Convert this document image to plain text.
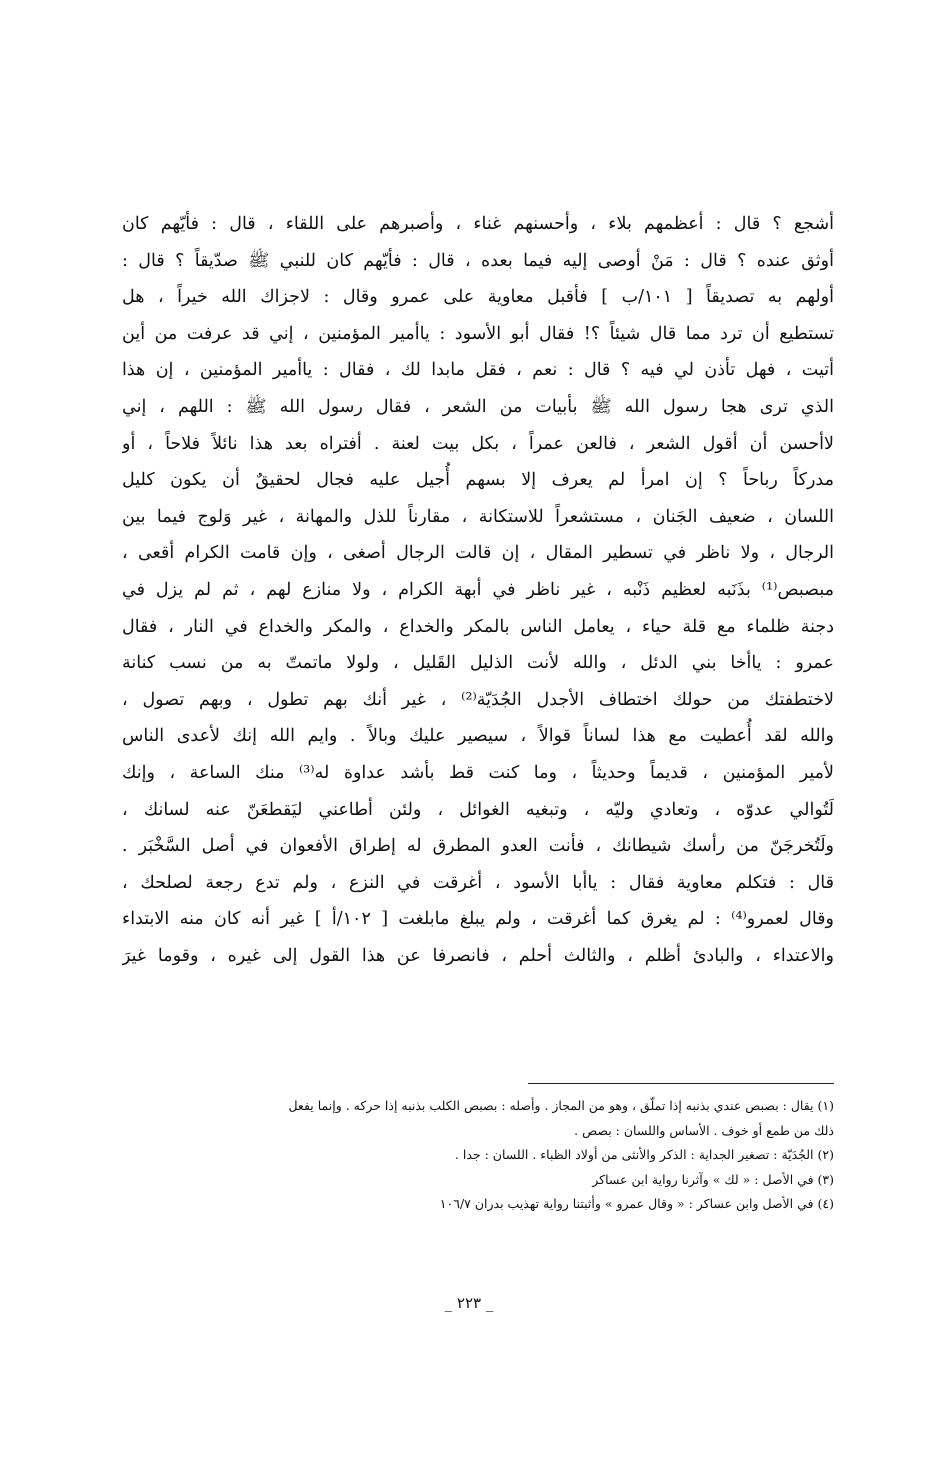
أشجع ؟ قال : أعظمهم بلاء ، وأحسنهم غناء ، وأصبرهم على اللقاء ، قال : فأيّهم كان
أوثق عنده ؟ قال : مَنْ أوصى إليه فيما بعده ، قال : فأيّهم كان للنبي ﷺ صدّيقاً ؟ قال :
أولهم به تصديقاً [ ١٠١/ب ] فأقبل معاوية على عمرو وقال : لاجزاك الله خيراً ، هل
تستطيع أن ترد مما قال شيئاً ؟! فقال أبو الأسود : ياأمير المؤمنين ، إني قد عرفت من أين
أتيت ، فهل تأذن لي فيه ؟ قال : نعم ، فقل مابدا لك ، فقال : ياأمير المؤمنين ، إن هذا
الذي ترى هجا رسول الله ﷺ بأبيات من الشعر ، فقال رسول الله ﷺ : اللهم ، إني
لاأحسن أن أقول الشعر ، فالعن عمراً ، بكل بيت لعنة . أفتراه بعد هذا نائلاً فلاحاً ، أو
مدركاً رباحاً ؟ إن امرأ لم يعرف إلا بسهم أُجيل عليه فجال لحقيقٌ أن يكون كليل
اللسان ، ضعيف الجَنان ، مستشعراً للاستكانة ، مقارناً للذل والمهانة ، غير وَلوج فيما بين
الرجال ، ولا ناظر في تسطير المقال ، إن قالت الرجال أصغى ، وإن قامت الكرام أقعى ،
مبصبص⁽¹⁾ بذَنَبه لعظيم ذَنْبه ، غير ناظر في أبهة الكرام ، ولا منازع لهم ، ثم لم يزل في
دجنة ظلماء مع قلة حياء ، يعامل الناس بالمكر والخداع ، والمكر والخداع في النار ، فقال
عمرو : ياأخا بني الدئل ، والله لأنت الذليل القَليل ، ولولا ماتمتّ به من نسب كنانة
لاختطفتك من حولك اختطاف الأجدل الجُدَيّة⁽²⁾ ، غير أنك بهم تطول ، وبهم تصول ،
والله لقد أُعطيت مع هذا لساناً قوالاً ، سيصير عليك وبالاً . وايم الله إنك لأعدى الناس
لأمير المؤمنين ، قديماً وحديثاً ، وما كنت قط بأشد عداوة له⁽³⁾ منك الساعة ، وإنك
لَتُوالي عدوّه ، وتعادي وليّه ، وتبغيه الغوائل ، ولئن أطاعني ليَقطعَنّ عنه لسانك ،
ولَتُخرجَنّ من رأسك شيطانك ، فأنت العدو المطرق له إطراق الأفعوان في أصل السَّخْبَر .
قال : فتكلم معاوية فقال : ياأبا الأسود ، أغرقت في النزع ، ولم تدع رجعة لصلحك ،
وقال لعمرو⁽⁴⁾ : لم يغرق كما أغرقت ، ولم يبلغ مابلغت [ ١٠٢/أ ] غير أنه كان منه الابتداء
والاعتداء ، والبادئ أظلم ، والثالث أحلم ، فانصرفا عن هذا القول إلى غيره ، وقوما غيرَ
(١) يقال : بصبص عندي بذنبه إذا تملّق ، وهو من المجاز . وأصله : بصبص الكلب بذنبه إذا حركه . وإنما يفعل
ذلك من طمع أو خوف . الأساس واللسان : بصص .
(٢) الجُدَيّة : تصغير الجداية : الذكر والأنثى من أولاد الظباء . اللسان : جدا .
(٣) في الأصل : « لك » وآثرنا رواية ابن عساكر
(٤) في الأصل وابن عساكر : « وقال عمرو » وأثبتنا رواية تهذيب بدران ١٠٦/٧
_ ٢٢٣ _
